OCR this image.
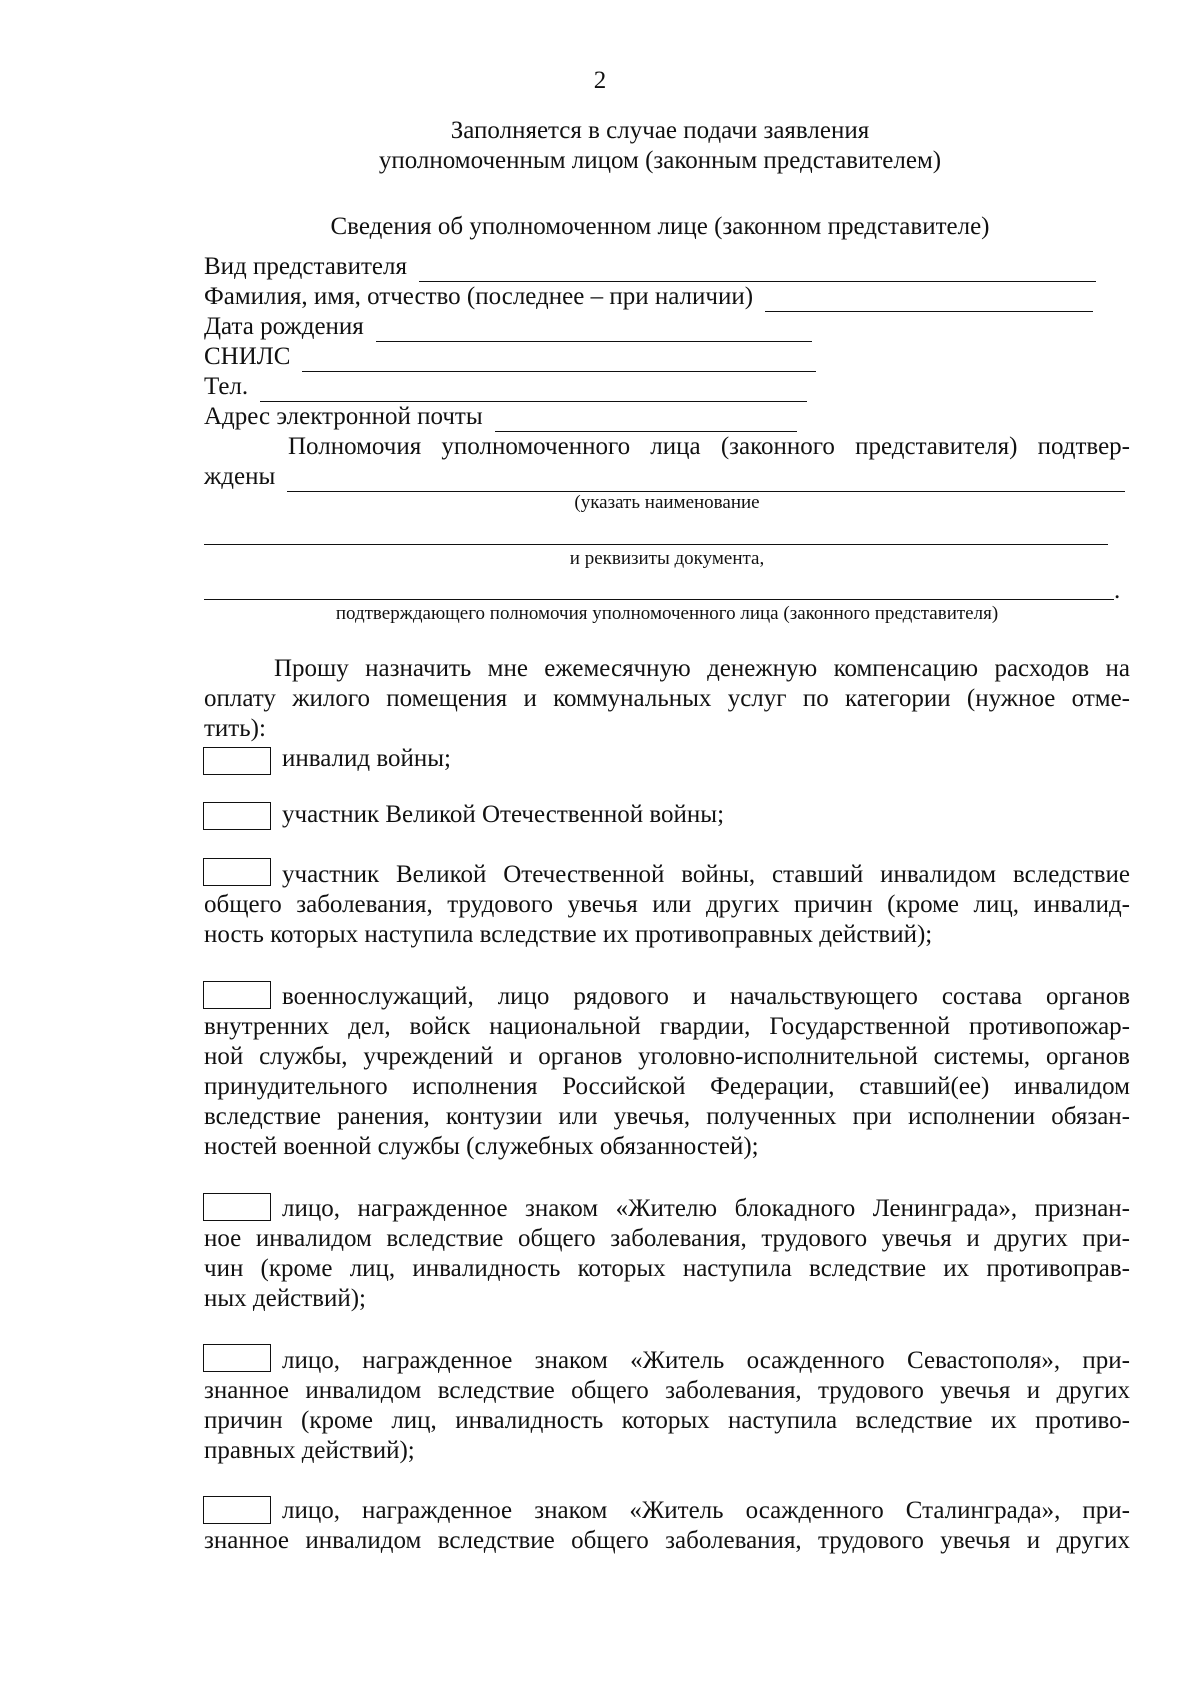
2
Заполняется в случае подачи заявления
уполномоченным лицом (законным представителем)
Сведения об уполномоченном лице (законном представителе)
Вид представителя
Фамилия, имя, отчество (последнее – при наличии)
Дата рождения
СНИЛС
Тел.
Адрес электронной почты
Полномочия уполномоченного лица (законного представителя) подтвер-
ждены
(указать наименование
и реквизиты документа,
.
подтверждающего полномочия уполномоченного лица (законного представителя)
Прошу назначить мне ежемесячную денежную компенсацию расходов на
оплату жилого помещения и коммунальных услуг по категории (нужное отме-
тить):
инвалид войны;
участник Великой Отечественной войны;
участник Великой Отечественной войны, ставший инвалидом вследствие
общего заболевания, трудового увечья или других причин (кроме лиц, инвалид-
ность которых наступила вследствие их противоправных действий);
военнослужащий, лицо рядового и начальствующего состава органов
внутренних дел, войск национальной гвардии, Государственной противопожар-
ной службы, учреждений и органов уголовно-исполнительной системы, органов
принудительного исполнения Российской Федерации, ставший(ее) инвалидом
вследствие ранения, контузии или увечья, полученных при исполнении обязан-
ностей военной службы (служебных обязанностей);
лицо, награжденное знаком «Жителю блокадного Ленинграда», признан-
ное инвалидом вследствие общего заболевания, трудового увечья и других при-
чин (кроме лиц, инвалидность которых наступила вследствие их противоправ-
ных действий);
лицо, награжденное знаком «Житель осажденного Севастополя», при-
знанное инвалидом вследствие общего заболевания, трудового увечья и других
причин (кроме лиц, инвалидность которых наступила вследствие их противо-
правных действий);
лицо, награжденное знаком «Житель осажденного Сталинграда», при-
знанное инвалидом вследствие общего заболевания, трудового увечья и других
